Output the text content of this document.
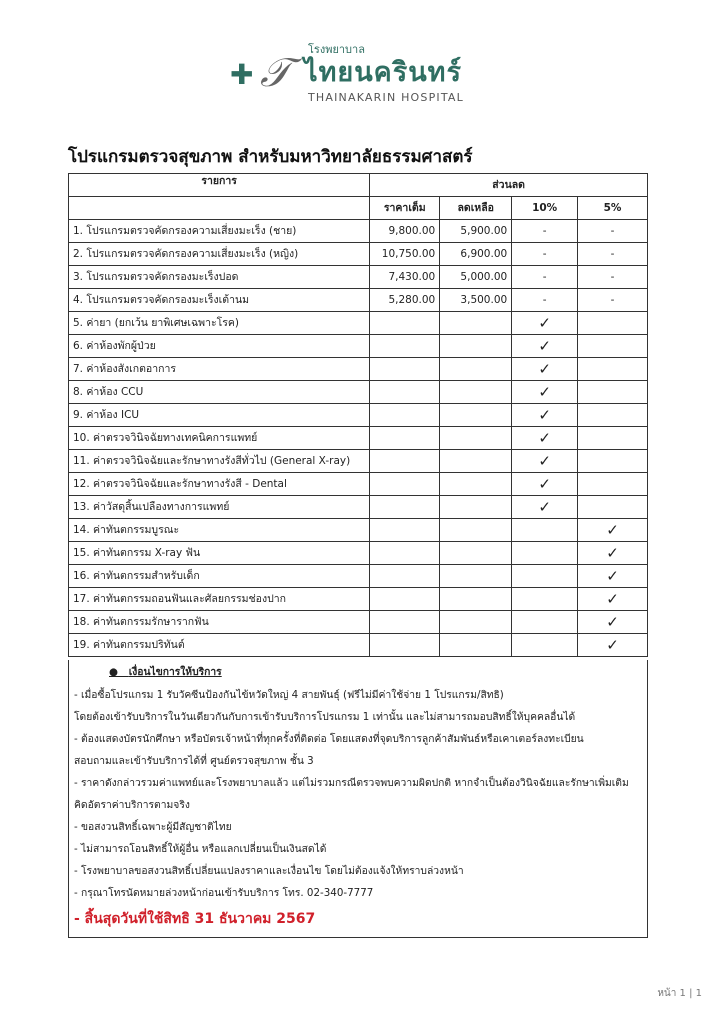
✚ 𝒯
โรงพยาบาล
ไทยนครินทร์
THAINAKARIN HOSPITAL
โปรแกรมตรวจสุขภาพ สำหรับมหาวิทยาลัยธรรมศาสตร์
รายการ	ส่วนลด			
	ราคาเต็ม	ลดเหลือ	10%	5%
1. โปรแกรมตรวจคัดกรองความเสี่ยงมะเร็ง (ชาย)	9,800.00	5,900.00	-	-
2. โปรแกรมตรวจคัดกรองความเสี่ยงมะเร็ง (หญิง)	10,750.00	6,900.00	-	-
3. โปรแกรมตรวจคัดกรองมะเร็งปอด	7,430.00	5,000.00	-	-
4. โปรแกรมตรวจคัดกรองมะเร็งเต้านม	5,280.00	3,500.00	-	-
5. ค่ายา (ยกเว้น ยาพิเศษเฉพาะโรค)			✓	
6. ค่าห้องพักผู้ป่วย			✓	
7. ค่าห้องสังเกตอาการ			✓	
8. ค่าห้อง CCU			✓	
9. ค่าห้อง ICU			✓	
10. ค่าตรวจวินิจฉัยทางเทคนิคการแพทย์			✓	
11. ค่าตรวจวินิจฉัยและรักษาทางรังสีทั่วไป (General X-ray)			✓	
12. ค่าตรวจวินิจฉัยและรักษาทางรังสี - Dental			✓	
13. ค่าวัสดุสิ้นเปลืองทางการแพทย์			✓	
14. ค่าทันตกรรมบูรณะ				✓
15. ค่าทันตกรรม X-ray ฟัน				✓
16. ค่าทันตกรรมสำหรับเด็ก				✓
17. ค่าทันตกรรมถอนฟันและศัลยกรรมช่องปาก				✓
18. ค่าทันตกรรมรักษารากฟัน				✓
19. ค่าทันตกรรมปริทันต์				✓
●   เงื่อนไขการให้บริการ
- เมื่อซื้อโปรแกรม 1 รับวัคซีนป้องกันไข้หวัดใหญ่ 4 สายพันธุ์ (ฟรีไม่มีค่าใช้จ่าย 1 โปรแกรม/สิทธิ)
โดยต้องเข้ารับบริการในวันเดียวกันกับการเข้ารับบริการโปรแกรม 1 เท่านั้น และไม่สามารถมอบสิทธิ์ให้บุคคลอื่นได้
- ต้องแสดงบัตรนักศึกษา หรือบัตรเจ้าหน้าที่ทุกครั้งที่ติดต่อ โดยแสดงที่จุดบริการลูกค้าสัมพันธ์หรือเคาเตอร์ลงทะเบียน
สอบถามและเข้ารับบริการได้ที่ ศูนย์ตรวจสุขภาพ ชั้น 3
- ราคาดังกล่าวรวมค่าแพทย์และโรงพยาบาลแล้ว แต่ไม่รวมกรณีตรวจพบความผิดปกติ หากจำเป็นต้องวินิจฉัยและรักษาเพิ่มเติม
คิดอัตราค่าบริการตามจริง
- ขอสงวนสิทธิ์เฉพาะผู้มีสัญชาติไทย
- ไม่สามารถโอนสิทธิ์ให้ผู้อื่น หรือแลกเปลี่ยนเป็นเงินสดได้
- โรงพยาบาลขอสงวนสิทธิ์เปลี่ยนแปลงราคาและเงื่อนไข โดยไม่ต้องแจ้งให้ทราบล่วงหน้า
- กรุณาโทรนัดหมายล่วงหน้าก่อนเข้ารับบริการ โทร. 02-340-7777
- สิ้นสุดวันที่ใช้สิทธิ 31 ธันวาคม 2567
หน้า 1 | 1
